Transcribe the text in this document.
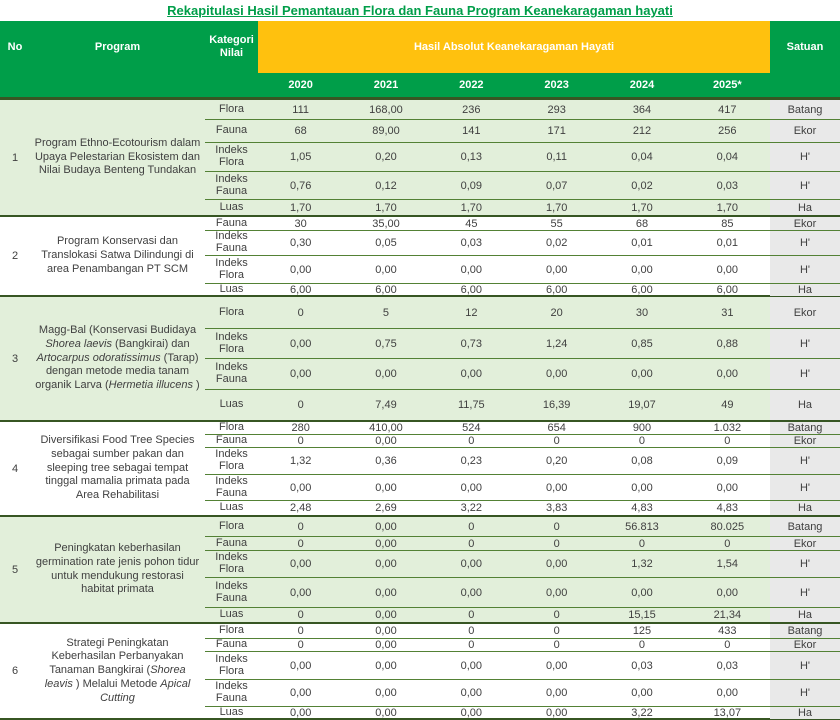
Rekapitulasi Hasil Pemantauan Flora dan Fauna Program Keanekaragaman hayati
No	Program
Kategori Nilai	Hasil Absolut Keanekaragaman Hayati	Satuan
2020	2021	2022	2023	2024	2025*
1
Program Ethno-Ecotourism dalam Upaya Pelestarian Ekosistem dan Nilai Budaya Benteng Tundakan
Flora	111	168,00	236	293	364	417	Batang
Fauna	68	89,00	141	171	212	256	Ekor
Indeks Flora	1,05	0,20	0,13	0,11	0,04	0,04	H'
Indeks Fauna	0,76	0,12	0,09	0,07	0,02	0,03	H'
Luas	1,70	1,70	1,70	1,70	1,70	1,70	Ha
2
Program Konservasi dan Translokasi Satwa Dilindungi di area Penambangan PT SCM
Fauna	30	35,00	45	55	68	85	Ekor
Indeks Fauna	0,30	0,05	0,03	0,02	0,01	0,01	H'
Indeks Flora	0,00	0,00	0,00	0,00	0,00	0,00	H'
Luas	6,00	6,00	6,00	6,00	6,00	6,00	Ha
3
Magg-Bal (Konservasi Budidaya Shorea laevis (Bangkirai) dan Artocarpus odoratissimus (Tarap) dengan metode media tanam organik Larva (Hermetia illucens )
Flora	0	5	12	20	30	31	Ekor
Indeks Flora	0,00	0,75	0,73	1,24	0,85	0,88	H'
Indeks Fauna	0,00	0,00	0,00	0,00	0,00	0,00	H'
Luas	0	7,49	11,75	16,39	19,07	49	Ha
4
Diversifikasi Food Tree Species sebagai sumber pakan dan sleeping tree sebagai tempat tinggal mamalia primata pada Area Rehabilitasi
Flora	280	410,00	524	654	900	1.032	Batang
Fauna	0	0,00	0	0	0	0	Ekor
Indeks Flora	1,32	0,36	0,23	0,20	0,08	0,09	H'
Indeks Fauna	0,00	0,00	0,00	0,00	0,00	0,00	H'
Luas	2,48	2,69	3,22	3,83	4,83	4,83	Ha
5
Peningkatan keberhasilan germination rate jenis pohon tidur untuk mendukung restorasi habitat primata
Flora	0	0,00	0	0	56.813	80.025	Batang
Fauna	0	0,00	0	0	0	0	Ekor
Indeks Flora	0,00	0,00	0,00	0,00	1,32	1,54	H'
Indeks Fauna	0,00	0,00	0,00	0,00	0,00	0,00	H'
Luas	0	0,00	0	0	15,15	21,34	Ha
6
Strategi Peningkatan Keberhasilan Perbanyakan Tanaman Bangkirai (Shorea leavis ) Melalui Metode Apical Cutting
Flora	0	0,00	0	0	125	433	Batang
Fauna	0	0,00	0	0	0	0	Ekor
Indeks Flora	0,00	0,00	0,00	0,00	0,03	0,03	H'
Indeks Fauna	0,00	0,00	0,00	0,00	0,00	0,00	H'
Luas	0,00	0,00	0,00	0,00	3,22	13,07	Ha
